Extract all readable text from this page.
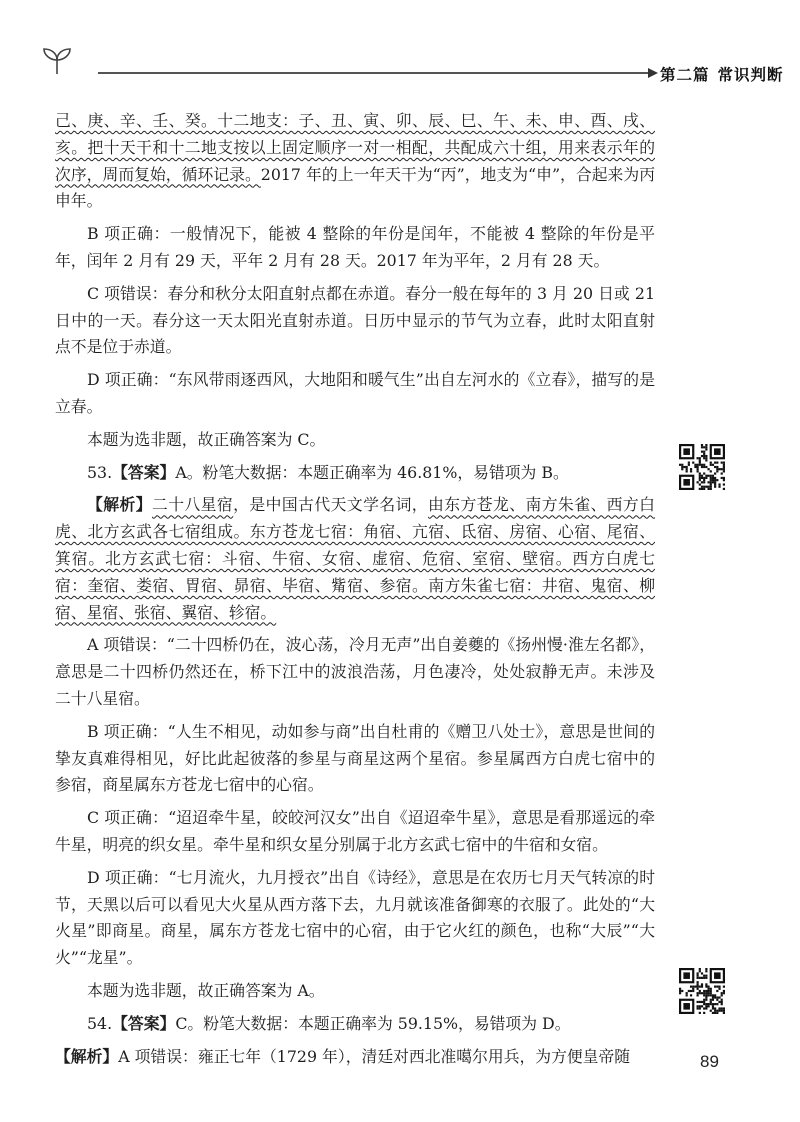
第二篇 常识判断

己、庚、辛、壬、癸。十二地支：子、丑、寅、卯、辰、巳、午、未、申、酉、戌、亥。把十天干和十二地支按以上固定顺序一对一相配，共配成六十组，用来表示年的次序，周而复始，循环记录。2017 年的上一年天干为“丙”，地支为“申”，合起来为丙申年。

B 项正确：一般情况下，能被 4 整除的年份是闰年，不能被 4 整除的年份是平年，闰年 2 月有 29 天，平年 2 月有 28 天。2017 年为平年，2 月有 28 天。

C 项错误：春分和秋分太阳直射点都在赤道。春分一般在每年的 3 月 20 日或 21 日中的一天。春分这一天太阳光直射赤道。日历中显示的节气为立春，此时太阳直射点不是位于赤道。

D 项正确：“东风带雨逐西风，大地阳和暖气生”出自左河水的《立春》，描写的是立春。

本题为选非题，故正确答案为 C。

53.【答案】A。粉笔大数据：本题正确率为 46.81%，易错项为 B。

【解析】二十八星宿，是中国古代天文学名词，由东方苍龙、南方朱雀、西方白虎、北方玄武各七宿组成。东方苍龙七宿：角宿、亢宿、氐宿、房宿、心宿、尾宿、箕宿。北方玄武七宿：斗宿、牛宿、女宿、虚宿、危宿、室宿、壁宿。西方白虎七宿：奎宿、娄宿、胃宿、昴宿、毕宿、觜宿、参宿。南方朱雀七宿：井宿、鬼宿、柳宿、星宿、张宿、翼宿、轸宿。

A 项错误：“二十四桥仍在，波心荡，冷月无声”出自姜夔的《扬州慢·淮左名都》，意思是二十四桥仍然还在，桥下江中的波浪浩荡，月色凄冷，处处寂静无声。未涉及二十八星宿。

B 项正确：“人生不相见，动如参与商”出自杜甫的《赠卫八处士》，意思是世间的挚友真难得相见，好比此起彼落的参星与商星这两个星宿。参星属西方白虎七宿中的参宿，商星属东方苍龙七宿中的心宿。

C 项正确：“迢迢牵牛星，皎皎河汉女”出自《迢迢牵牛星》，意思是看那遥远的牵牛星，明亮的织女星。牵牛星和织女星分别属于北方玄武七宿中的牛宿和女宿。

D 项正确：“七月流火，九月授衣”出自《诗经》，意思是在农历七月天气转凉的时节，天黑以后可以看见大火星从西方落下去，九月就该准备御寒的衣服了。此处的“大火星”即商星。商星，属东方苍龙七宿中的心宿，由于它火红的颜色，也称“大辰”“大火”“龙星”。

本题为选非题，故正确答案为 A。

54.【答案】C。粉笔大数据：本题正确率为 59.15%，易错项为 D。

【解析】A 项错误：雍正七年（1729 年），清廷对西北准噶尔用兵，为方便皇帝随	89
